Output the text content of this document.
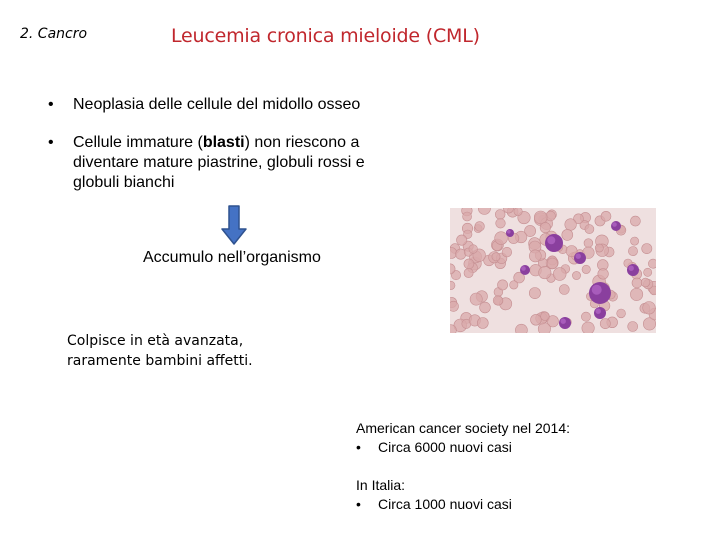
2. Cancro	Leucemia cronica mieloide (CML)
• Neoplasia delle cellule del midollo osseo
• Cellule immature (blasti) non riescono a diventare mature piastrine, globuli rossi e globuli bianchi
Accumulo nell’organismo
Colpisce in età avanzata,
raramente bambini affetti.
American cancer society nel 2014:
• Circa 6000 nuovi casi
In Italia:
• Circa 1000 nuovi casi
